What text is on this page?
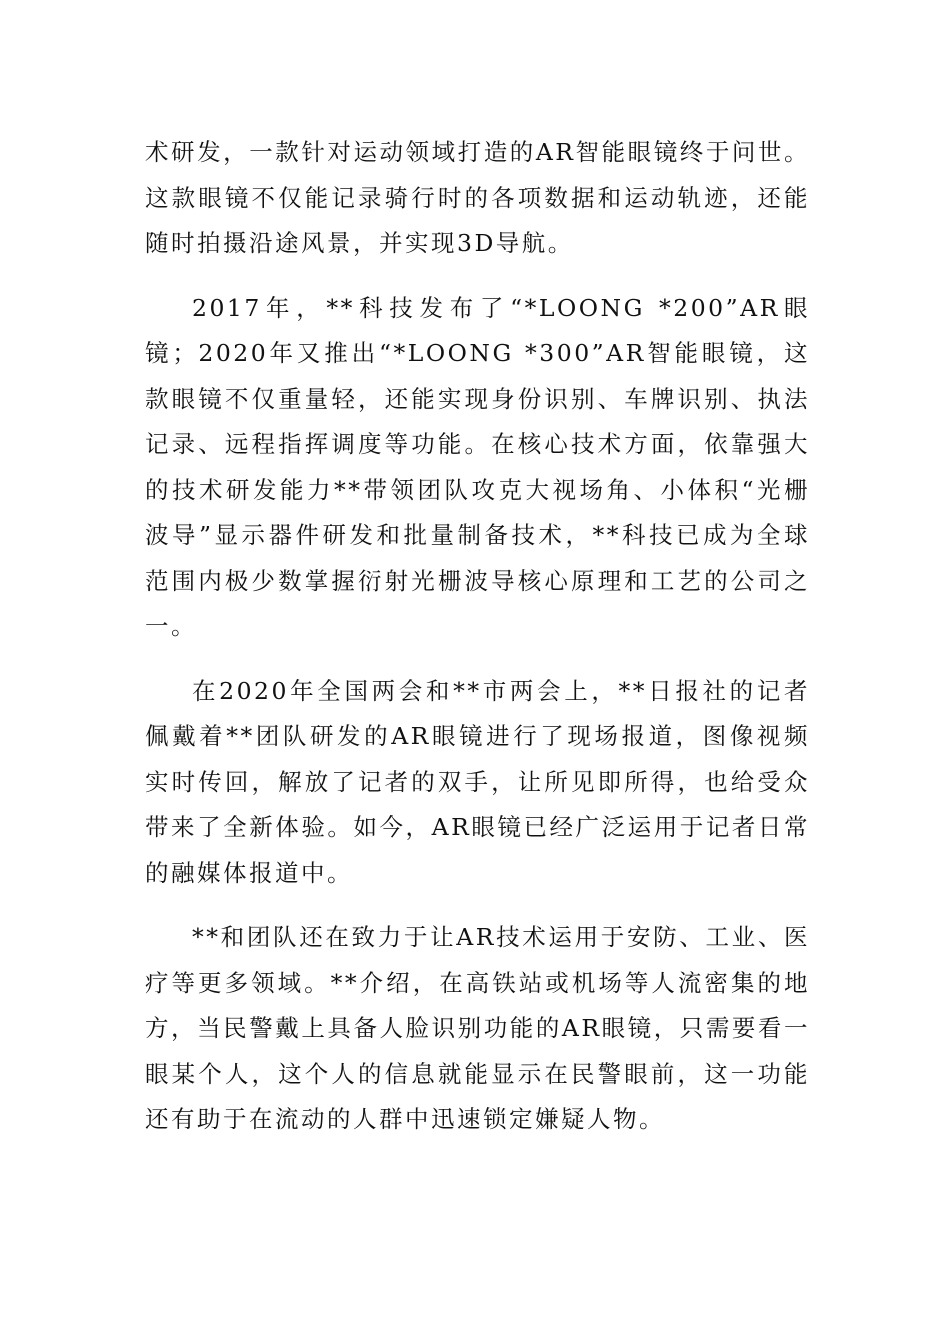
术研发，一款针对运动领域打造的AR智能眼镜终于问世。这款眼镜不仅能记录骑行时的各项数据和运动轨迹，还能随时拍摄沿途风景，并实现3D导航。

2017年，**科技发布了“*LOONG *200”AR眼镜；2020年又推出“*LOONG *300”AR智能眼镜，这款眼镜不仅重量轻，还能实现身份识别、车牌识别、执法记录、远程指挥调度等功能。在核心技术方面，依靠强大的技术研发能力**带领团队攻克大视场角、小体积“光栅波导”显示器件研发和批量制备技术，**科技已成为全球范围内极少数掌握衍射光栅波导核心原理和工艺的公司之一。

在2020年全国两会和**市两会上，**日报社的记者佩戴着**团队研发的AR眼镜进行了现场报道，图像视频实时传回，解放了记者的双手，让所见即所得，也给受众带来了全新体验。如今，AR眼镜已经广泛运用于记者日常的融媒体报道中。

**和团队还在致力于让AR技术运用于安防、工业、医疗等更多领域。**介绍，在高铁站或机场等人流密集的地方，当民警戴上具备人脸识别功能的AR眼镜，只需要看一眼某个人，这个人的信息就能显示在民警眼前，这一功能还有助于在流动的人群中迅速锁定嫌疑人物。
